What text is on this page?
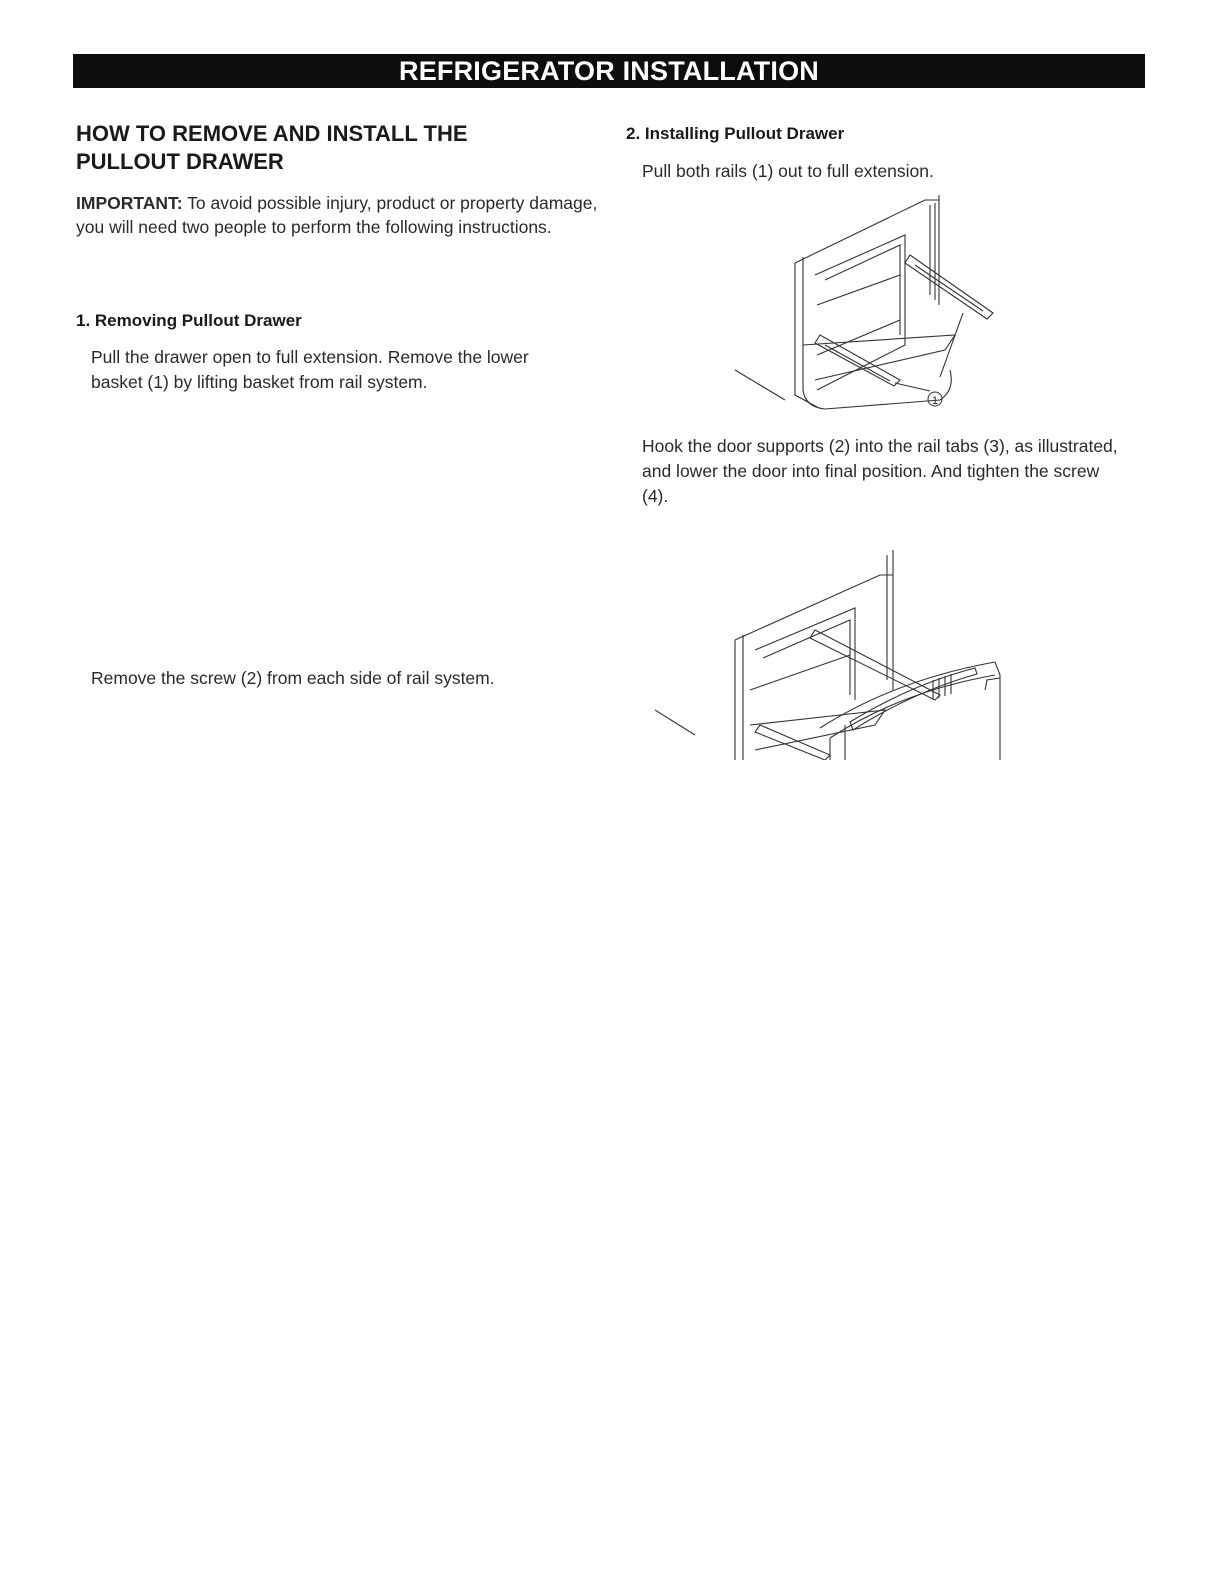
REFRIGERATOR INSTALLATION
HOW TO REMOVE AND INSTALL THE PULLOUT DRAWER

IMPORTANT: To avoid possible injury, product or property damage, you will need two people to perform the following instructions.

1. Removing Pullout Drawer

Pull the drawer open to full extension. Remove the lower basket (1) by lifting basket from rail system.

Remove the screw (2) from each side of rail system.

2. Installing Pullout Drawer

Pull both rails (1) out to full extension.

1

Hook the door supports (2) into the rail tabs (3), as illustrated, and lower the door into final position. And tighten the screw (4).
